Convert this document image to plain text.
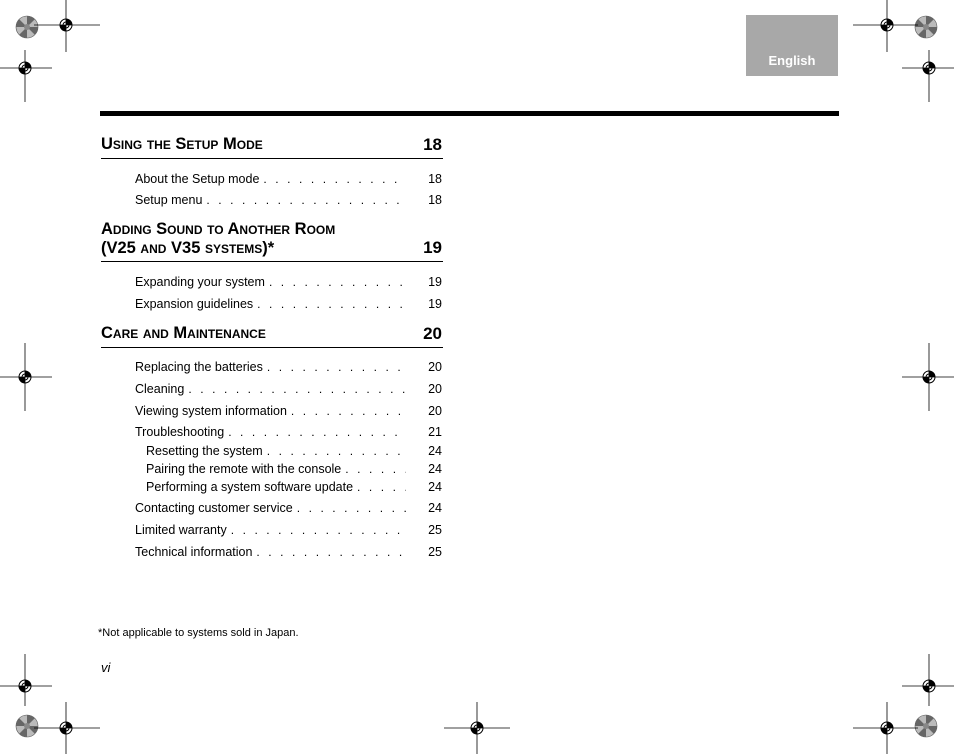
English
Using the Setup Mode	18
About the Setup mode . . .	18
Setup menu . . .	18
Adding Sound to Another Room
(V25 and V35 systems)*	19
Expanding your system . . .	19
Expansion guidelines . . .	19
Care and Maintenance	20
Replacing the batteries . . .	20
Cleaning . . .	20
Viewing system information . . .	20
Troubleshooting . . .	21
Resetting the system . . .	24
Pairing the remote with the console . . .	24
Performing a system software update . . .	24
Contacting customer service . . .	24
Limited warranty . . .	25
Technical information . . .	25
*Not applicable to systems sold in Japan.
vi
